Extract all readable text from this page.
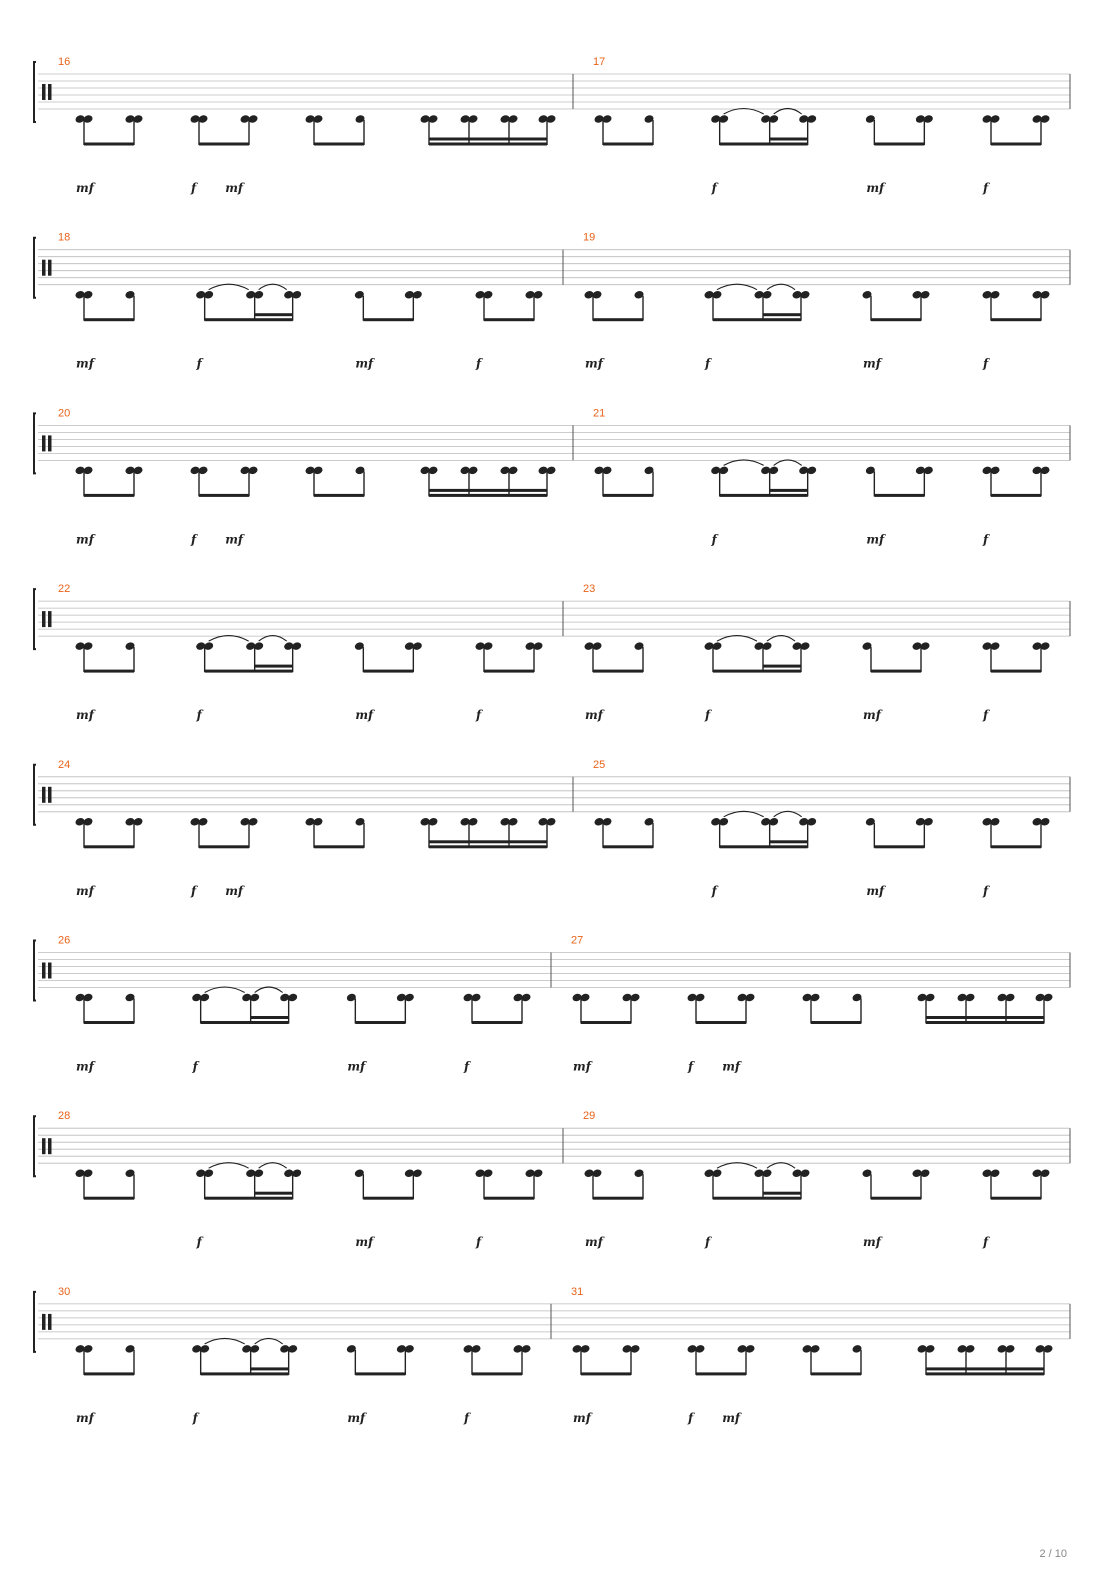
16
mf	f mf
17
f	mf	f
18
mf	f	mf	f
19
mf	f	mf	f
20
mf	f mf
21
f	mf	f
22
mf	f	mf	f
23
mf	f	mf	f
24
mf	f mf
25
f	mf	f
26
mf	f	mf	f
27
mf	f mf
28
f	mf	f
29
mf	f	mf	f
30
mf	f	mf	f
31
mf	f mf
2 / 10
